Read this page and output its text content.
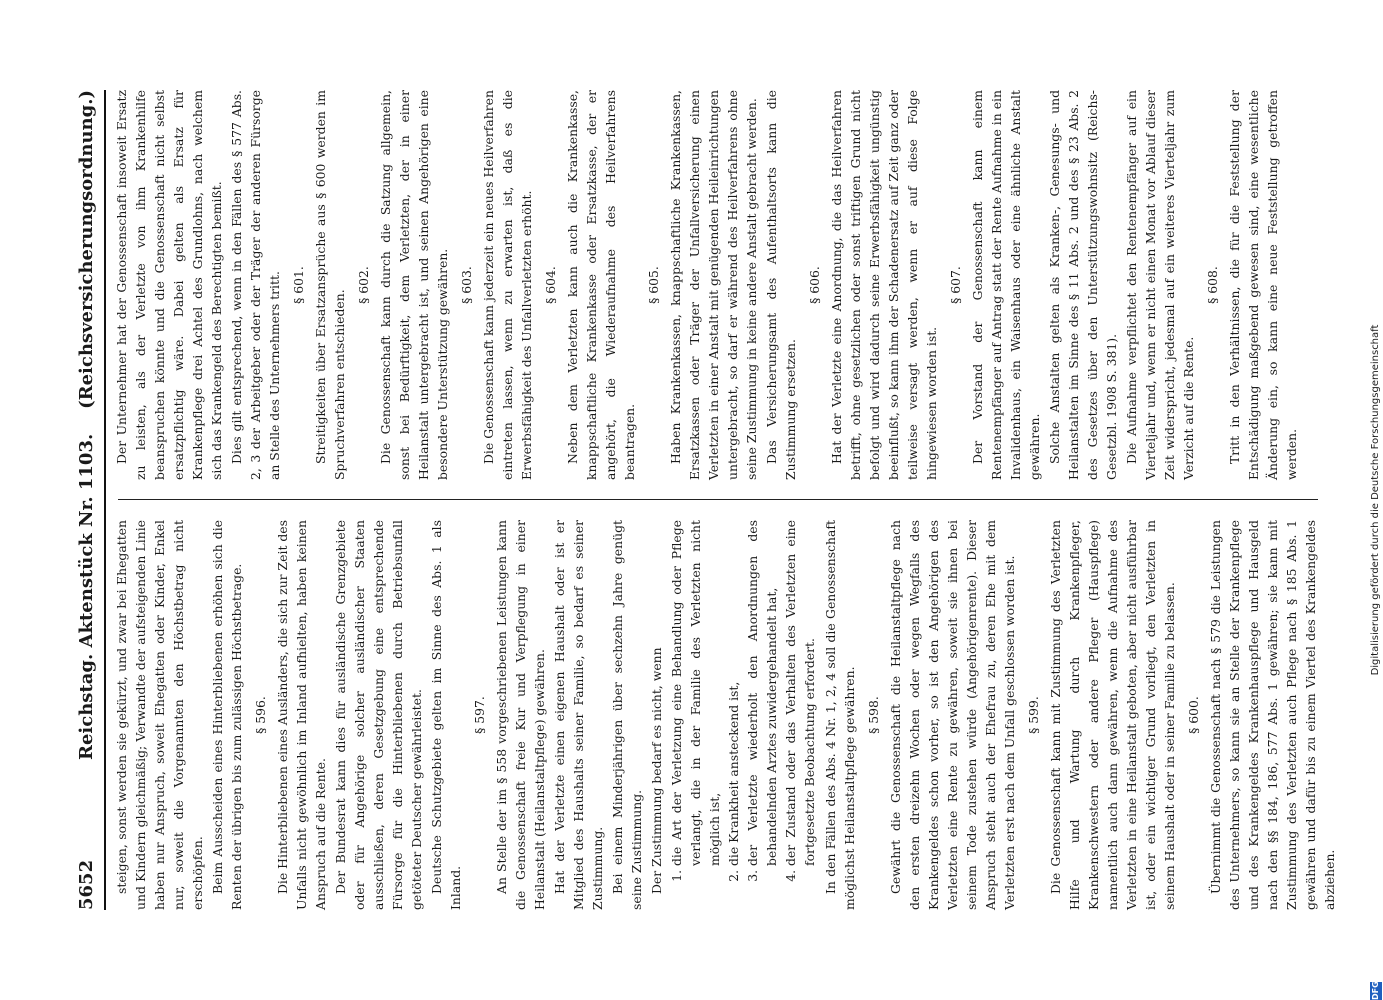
5652
Reichstag. Aktenstück Nr. 1103.
(Reichsversicherungsordnung.)

steigen, sonst werden sie gekürzt, und zwar bei Ehegatten und Kindern gleichmäßig; Verwandte der aufsteigenden Linie haben nur Anspruch, soweit Ehegatten oder Kinder, Enkel nur, soweit die Vorgenannten den Höchstbetrag nicht erschöpfen. Beim Ausscheiden eines Hinterbliebenen erhöhen sich die Renten der übrigen bis zum zulässigen Höchstbetrage. § 596. Die Hinterbliebenen eines Ausländers, die sich zur Zeit des Unfalls nicht gewöhnlich im Inland aufhielten, haben keinen Anspruch auf die Rente. Der Bundesrat kann dies für ausländische Grenzgebiete oder für Angehörige solcher ausländischer Staaten ausschließen, deren Gesetzgebung eine entsprechende Fürsorge für die Hinterbliebenen durch Betriebsunfall getöteter Deutscher gewährleistet. Deutsche Schutzgebiete gelten im Sinne des Abs. 1 als Inland.

§ 597. An Stelle der im § 558 vorgeschriebenen Leistungen kann die Genossenschaft freie Kur und Verpflegung in einer Heilanstalt (Heilanstaltpflege) gewähren. Hat der Verletzte einen eigenen Haushalt oder ist er Mitglied des Haushalts seiner Familie, so bedarf es seiner Zustimmung. Bei einem Minderjährigen über sechzehn Jahre genügt seine Zustimmung. Der Zustimmung bedarf es nicht, wenn 1. die Art der Verletzung eine Behandlung oder Pflege verlangt, die in der Familie des Verletzten nicht möglich ist, 2. die Krankheit ansteckend ist, 3. der Verletzte wiederholt den Anordnungen des behandelnden Arztes zuwidergehandelt hat, 4. der Zustand oder das Verhalten des Verletzten eine fortgesetzte Beobachtung erfordert. In den Fällen des Abs. 4 Nr. 1, 2, 4 soll die Genossenschaft möglichst Heilanstaltpflege gewähren. § 598. Gewährt die Genossenschaft die Heilanstaltpflege nach den ersten dreizehn Wochen oder wegen Wegfalls des Krankengeldes schon vorher, so ist den Angehörigen des Verletzten eine Rente zu gewähren, soweit sie ihnen bei seinem Tode zustehen würde (Angehörigenrente). Dieser Anspruch steht auch der Ehefrau zu, deren Ehe mit dem Verletzten erst nach dem Unfall geschlossen worden ist. § 599. Die Genossenschaft kann mit Zustimmung des Verletzten Hilfe und Wartung durch Krankenpfleger, Krankenschwestern oder andere Pfleger (Hauspflege) namentlich auch dann gewähren, wenn die Aufnahme des Verletzten in eine Heilanstalt geboten, aber nicht ausführbar ist, oder ein wichtiger Grund vorliegt, den Verletzten in seinem Haushalt oder in seiner Familie zu belassen. § 600. Übernimmt die Genossenschaft nach § 579 die Leistungen des Unternehmers, so kann sie an Stelle der Krankenpflege und des Krankengeldes Krankenhauspflege und Hausgeld nach den §§ 184, 186, 577 Abs. 1 gewähren; sie kann mit Zustimmung des Verletzten auch Pflege nach § 185 Abs. 1 gewähren und dafür bis zu einem Viertel des Krankengeldes abziehen.

Der Unternehmer hat der Genossenschaft insoweit Ersatz zu leisten, als der Verletzte von ihm Krankenhilfe beanspruchen könnte und die Genossenschaft nicht selbst ersatzpflichtig wäre. Dabei gelten als Ersatz für Krankenpflege drei Achtel des Grundlohns, nach welchem sich das Krankengeld des Berechtigten bemißt. Dies gilt entsprechend, wenn in den Fällen des § 577 Abs. 2, 3 der Arbeitgeber oder der Träger der anderen Fürsorge an Stelle des Unternehmers tritt. § 601. Streitigkeiten über Ersatzansprüche aus § 600 werden im Spruchverfahren entschieden.

§ 602. Die Genossenschaft kann durch die Satzung allgemein, sonst bei Bedürftigkeit, dem Verletzten, der in einer Heilanstalt untergebracht ist, und seinen Angehörigen eine besondere Unterstützung gewähren. § 603. Die Genossenschaft kann jederzeit ein neues Heilverfahren eintreten lassen, wenn zu erwarten ist, daß es die Erwerbsfähigkeit des Unfallverletzten erhöht. § 604. Neben dem Verletzten kann auch die Krankenkasse, knappschaftliche Krankenkasse oder Ersatzkasse, der er angehört, die Wiederaufnahme des Heilverfahrens beantragen.

§ 605. Haben Krankenkassen, knappschaftliche Krankenkassen, Ersatzkassen oder Träger der Unfallversicherung einen Verletzten in einer Anstalt mit genügenden Heileinrichtungen untergebracht, so darf er während des Heilverfahrens ohne seine Zustimmung in keine andere Anstalt gebracht werden. Das Versicherungsamt des Aufenthaltsorts kann die Zustimmung ersetzen.

§ 606. Hat der Verletzte eine Anordnung, die das Heilverfahren betrifft, ohne gesetzlichen oder sonst triftigen Grund nicht befolgt und wird dadurch seine Erwerbsfähigkeit ungünstig beeinflußt, so kann ihm der Schadenersatz auf Zeit ganz oder teilweise versagt werden, wenn er auf diese Folge hingewiesen worden ist.

§ 607. Der Vorstand der Genossenschaft kann einem Rentenempfänger auf Antrag statt der Rente Aufnahme in ein Invalidenhaus, ein Waisenhaus oder eine ähnliche Anstalt gewähren. Solche Anstalten gelten als Kranken-, Genesungs- und Heilanstalten im Sinne des § 11 Abs. 2 und des § 23 Abs. 2 des Gesetzes über den Unterstützungswohnsitz (Reichs-Gesetzbl. 1908 S. 381). Die Aufnahme verpflichtet den Rentenempfänger auf ein Vierteljahr und, wenn er nicht einen Monat vor Ablauf dieser Zeit widerspricht, jedesmal auf ein weiteres Vierteljahr zum Verzicht auf die Rente.

§ 608. Tritt in den Verhältnissen, die für die Feststellung der Entschädigung maßgebend gewesen sind, eine wesentliche Änderung ein, so kann eine neue Feststellung getroffen werden.

DFG
Digitalisierung gefördert durch die Deutsche Forschungsgemeinschaft
